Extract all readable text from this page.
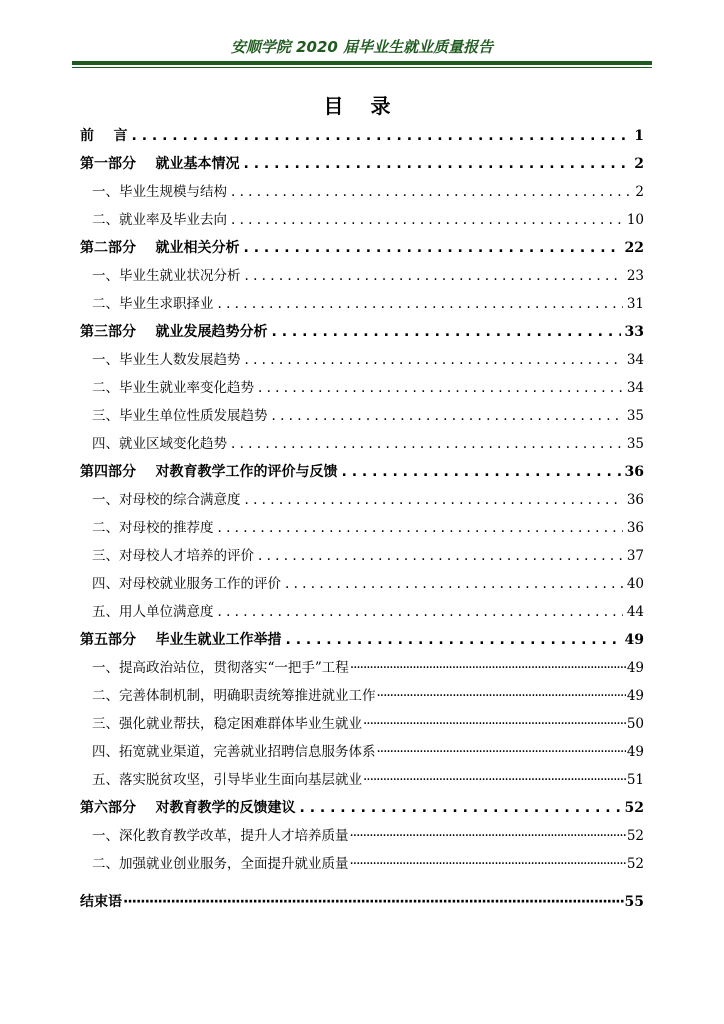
安顺学院 2020 届毕业生就业质量报告
目 录
前    言 . . .	1
第一部分    就业基本情况 . . .	2
一、毕业生规模与结构 . . .	2
二、就业率及毕业去向 . . .	10
第二部分    就业相关分析 . . .	22
一、毕业生就业状况分析 . . .	23
二、毕业生求职择业 . . .	31
第三部分    就业发展趋势分析 . . .	33
一、毕业生人数发展趋势 . . .	34
二、毕业生就业率变化趋势 . . .	34
三、毕业生单位性质发展趋势 . . .	35
四、就业区域变化趋势 . . .	35
第四部分    对教育教学工作的评价与反馈 . . .	36
一、对母校的综合满意度 . . .	36
二、对母校的推荐度 . . .	36
三、对母校人才培养的评价 . . .	37
四、对母校就业服务工作的评价 . . .	40
五、用人单位满意度 . . .	44
第五部分    毕业生就业工作举措 . . .	49
一、提高政治站位，贯彻落实“一把手”工程 ·····	49
二、完善体制机制，明确职责统筹推进就业工作 ·····	49
三、强化就业帮扶，稳定困难群体毕业生就业 ·····	50
四、拓宽就业渠道，完善就业招聘信息服务体系 ·····	49
五、落实脱贫攻坚，引导毕业生面向基层就业 ·····	51
第六部分    对教育教学的反馈建议 . . .	52
一、深化教育教学改革，提升人才培养质量 ·····	52
二、加强就业创业服务，全面提升就业质量 ·····	52
结束语 ·····	55
